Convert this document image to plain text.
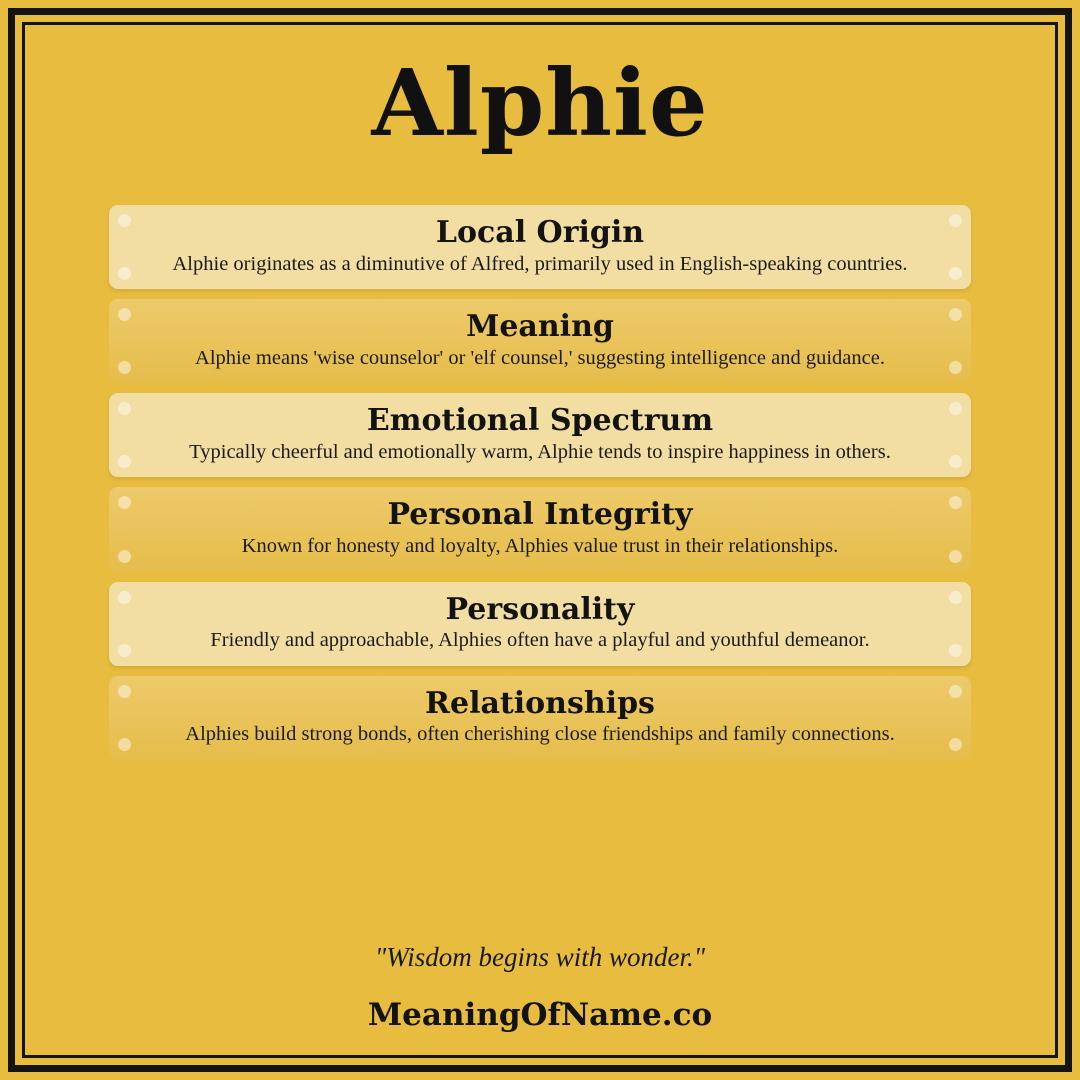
Alphie

Local Origin

Alphie originates as a diminutive of Alfred, primarily used in English-speaking countries.

Meaning

Alphie means 'wise counselor' or 'elf counsel,' suggesting intelligence and guidance.

Emotional Spectrum

Typically cheerful and emotionally warm, Alphie tends to inspire happiness in others.

Personal Integrity

Known for honesty and loyalty, Alphies value trust in their relationships.

Personality

Friendly and approachable, Alphies often have a playful and youthful demeanor.

Relationships

Alphies build strong bonds, often cherishing close friendships and family connections.

"Wisdom begins with wonder."

MeaningOfName.co
